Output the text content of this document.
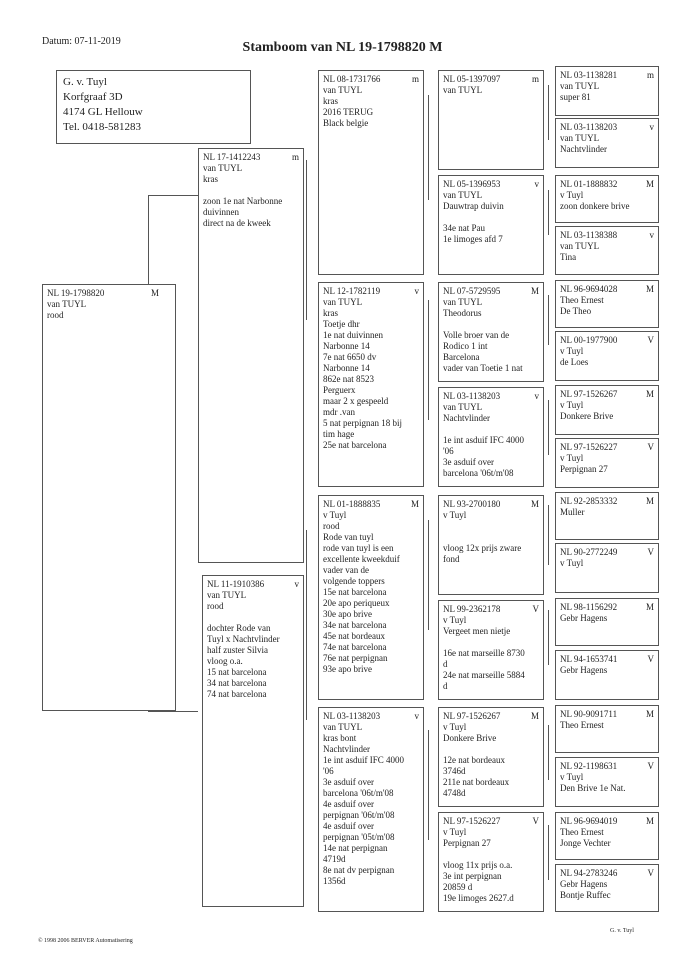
Datum: 07-11-2019	Stamboom van NL 19-1798820 M
G. v. Tuyl
Korfgraaf 3D
4174 GL Hellouw
Tel. 0418-581283
NL 19-1798820	M
van TUYL
rood
NL 17-1412243	m
van TUYL
kras

zoon 1e nat Narbonne
duivinnen
direct na de kweek
NL 11-1910386	v
van TUYL
rood

dochter Rode van
Tuyl x Nachtvlinder
half zuster Silvia
vloog o.a.
15 nat barcelona
34 nat barcelona
74 nat barcelona
NL 08-1731766	m
van TUYL
kras
2016 TERUG
Black belgie
NL 12-1782119	v
van TUYL
kras
Toetje dhr
1e nat duivinnen
Narbonne 14
7e nat 6650 dv
Narbonne 14
862e nat 8523
Perguerx
maar 2 x gespeeld
mdr .van
5 nat perpignan 18 bij
tim hage
25e nat barcelona
NL 01-1888835	M
v Tuyl
rood
Rode van tuyl
rode van tuyl is een
excellente kweekduif
vader van de
volgende toppers
15e nat barcelona
20e apo periqueux
30e apo brive
34e nat barcelona
45e nat bordeaux
74e nat barcelona
76e nat perpignan
93e apo brive
NL 03-1138203	v
van TUYL
kras bont
Nachtvlinder
1e int asduif IFC 4000
'06
3e asduif over
barcelona '06t/m'08
4e asduif over
perpignan '06t/m'08
4e asduif over
perpignan '05t/m'08
14e nat perpignan
4719d
8e nat dv perpignan
1356d
NL 05-1397097	m
van TUYL
NL 05-1396953	v
van TUYL
Dauwtrap duivin

34e nat Pau
1e limoges afd 7
NL 07-5729595	M
van TUYL
Theodorus

Volle broer van de
Rodico 1 int
Barcelona
vader van Toetie 1 nat
NL 03-1138203	v
van TUYL
Nachtvlinder

1e int asduif IFC 4000
'06
3e asduif over
barcelona '06t/m'08
NL 93-2700180	M
v Tuyl

vloog 12x prijs zware
fond
NL 99-2362178	V
v Tuyl
Vergeet men nietje

16e nat marseille 8730
d
24e nat marseille 5884
d
NL 97-1526267	M
v Tuyl
Donkere Brive

12e nat bordeaux
3746d
211e nat bordeaux
4748d
NL 97-1526227	V
v Tuyl
Perpignan 27

vloog 11x prijs o.a.
3e int perpignan
20859 d
19e limoges 2627.d
NL 03-1138281	m
van TUYL
super 81
NL 03-1138203	v
van TUYL
Nachtvlinder
NL 01-1888832	M
v Tuyl
zoon donkere brive
NL 03-1138388	v
van TUYL
Tina
NL 96-9694028	M
Theo Ernest
De Theo
NL 00-1977900	V
v Tuyl
de Loes
NL 97-1526267	M
v Tuyl
Donkere Brive
NL 97-1526227	V
v Tuyl
Perpignan 27
NL 92-2853332	M
Muller
NL 90-2772249	V
v Tuyl
NL 98-1156292	M
Gebr Hagens
NL 94-1653741	V
Gebr Hagens
NL 90-9091711	M
Theo Ernest
NL 92-1198631	V
v Tuyl
Den Brive 1e Nat.
NL 96-9694019	M
Theo Ernest
Jonge Vechter
NL 94-2783246	V
Gebr Hagens
Bontje Ruffec
© 1998 2006 BERVER Automatisering
G. v. Tuyl
